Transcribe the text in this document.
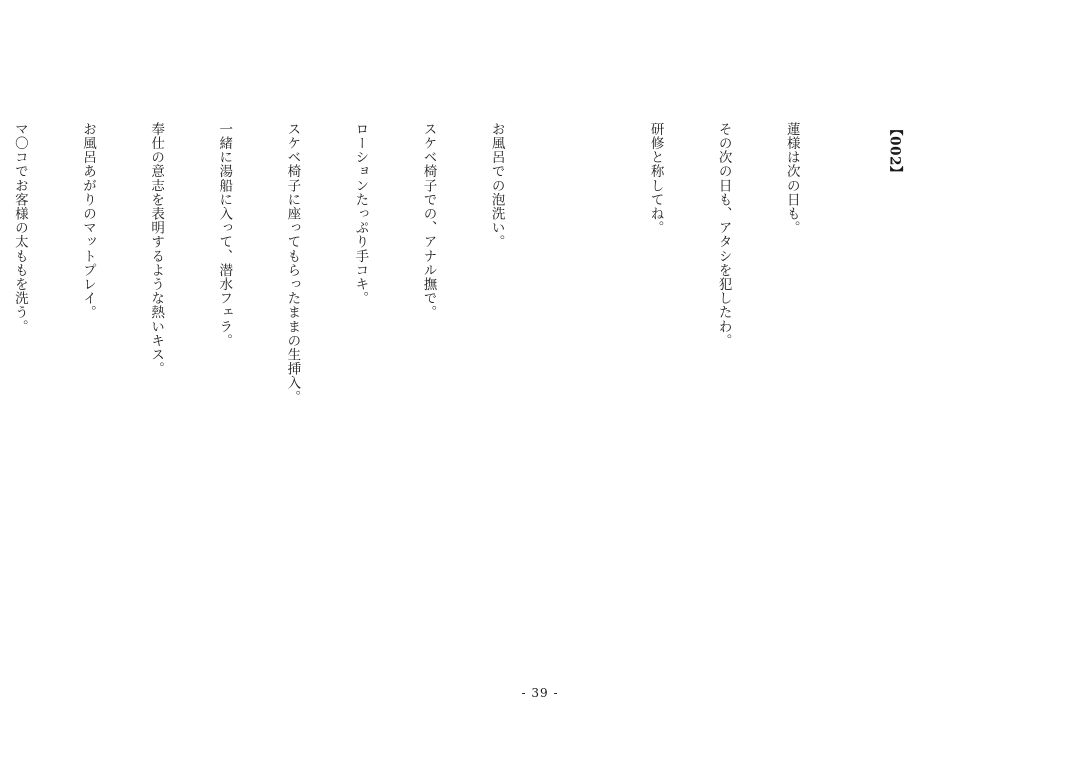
【002】

蓮様は次の日も。

その次の日も、アタシを犯したわ。

研修と称してね。

お風呂での泡洗い。

スケベ椅子での、アナル撫で。

ローションたっぷり手コキ。

スケベ椅子に座ってもらったままの生挿入。

一緒に湯船に入って、潜水フェラ。

奉仕の意志を表明するような熱いキス。

お風呂あがりのマットプレイ。

マ〇コでお客様の太ももを洗う。

- 39 -
